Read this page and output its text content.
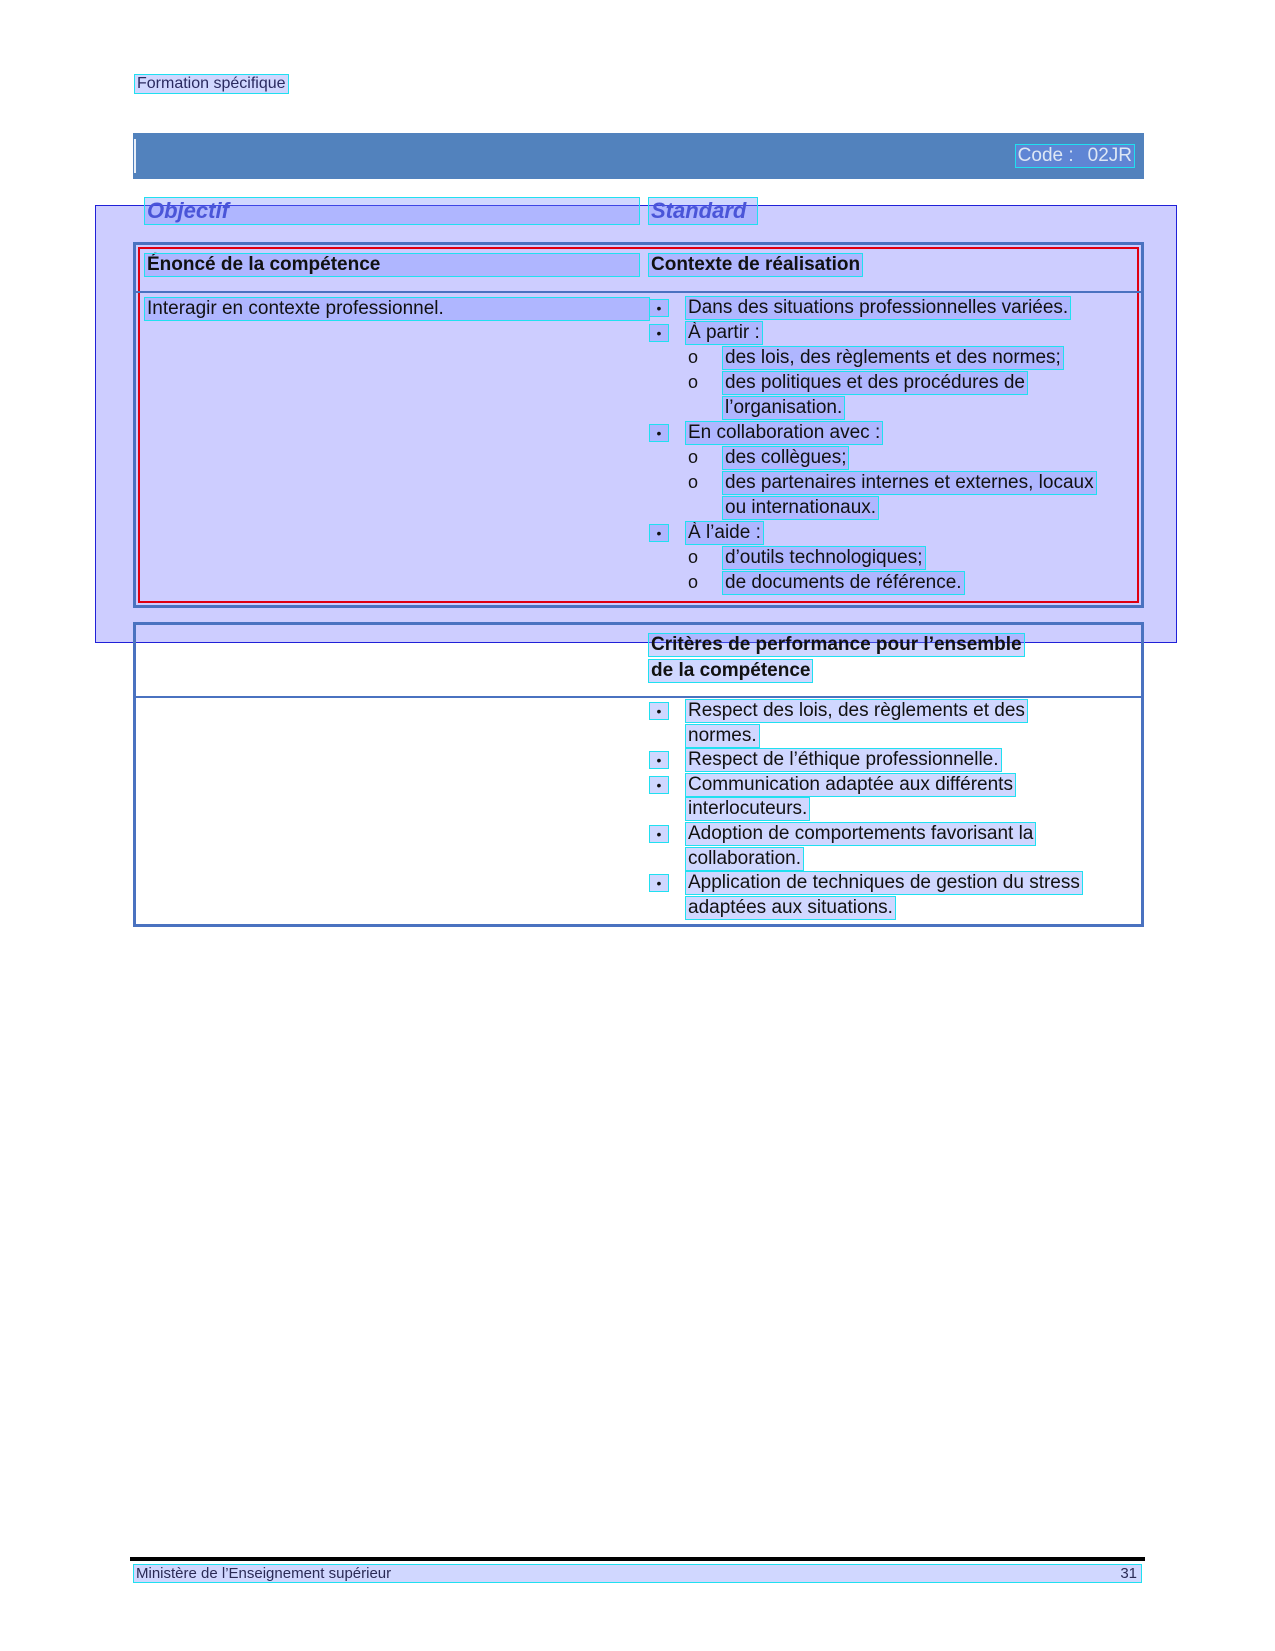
Formation spécifique
Code : 02JR
Objectif	Standard
Énoncé de la compétence	Contexte de réalisation
Interagir en contexte professionnel.	•	Dans des situations professionnelles variées.
•	À partir :
o des lois, des règlements et des normes;
o des politiques et des procédures de
l’organisation.
•	En collaboration avec :
o des collègues;
o des partenaires internes et externes, locaux
ou internationaux.
•	À l’aide :
o d’outils technologiques;
o de documents de référence.
Critères de performance pour l’ensemble
de la compétence
•	Respect des lois, des règlements et des
normes.
•	Respect de l’éthique professionnelle.
•	Communication adaptée aux différents
interlocuteurs.
•	Adoption de comportements favorisant la
collaboration.
•	Application de techniques de gestion du stress
adaptées aux situations.
Ministère de l’Enseignement supérieur	31
